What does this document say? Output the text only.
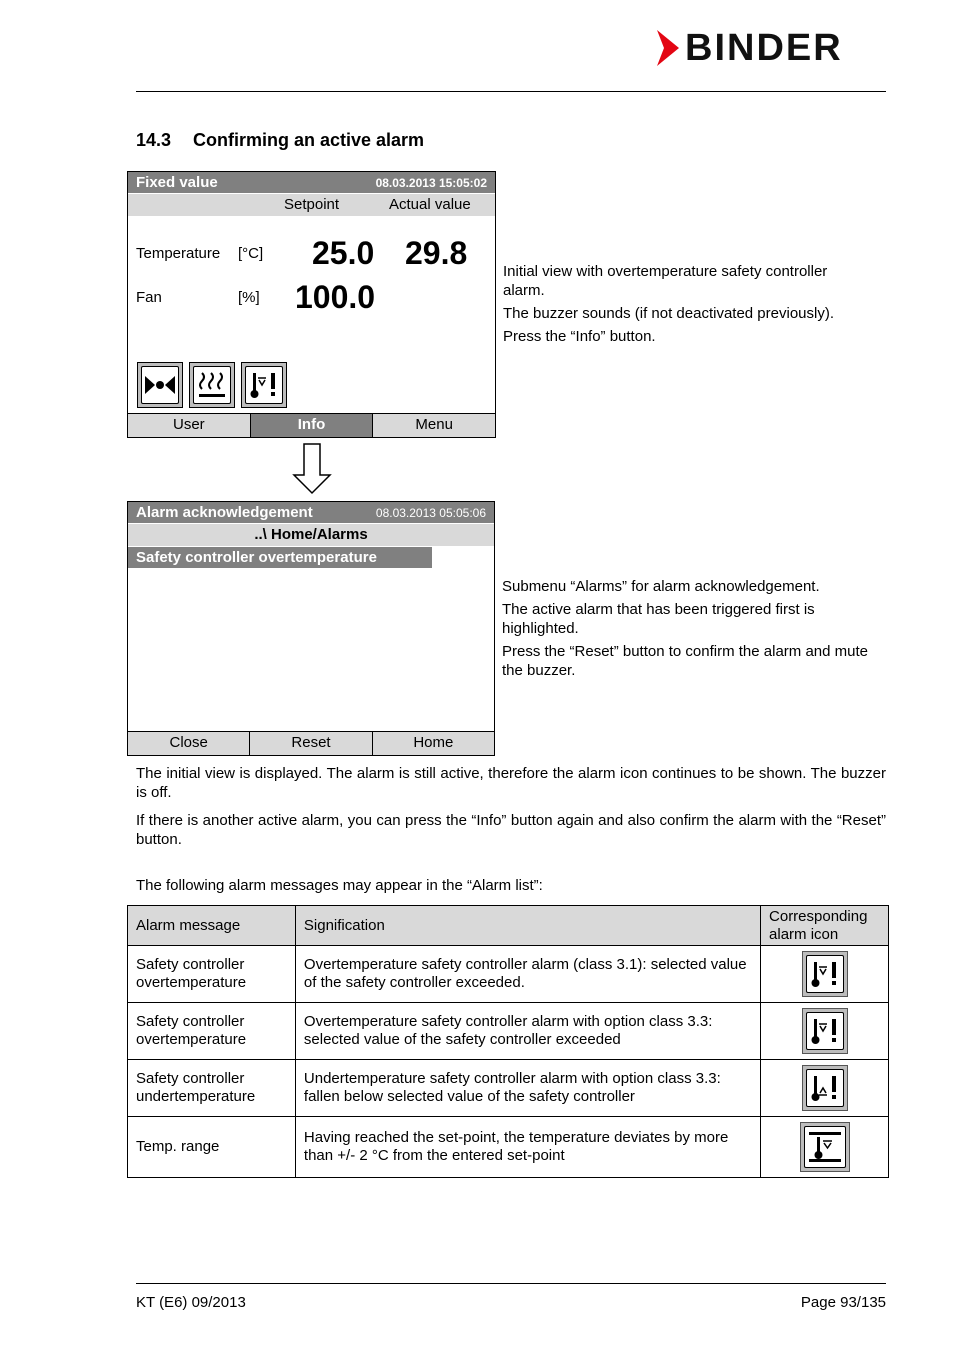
BINDER
14.3 Confirming an active alarm
Fixed value	08.03.2013 15:05:02
Setpoint	Actual value
Temperature [°C] 25.0 29.8
Fan	[%] 100.0
User	Info	Menu

Initial view with overtemperature safety controller alarm.

The buzzer sounds (if not deactivated previously).

Press the “Info” button.

Alarm acknowledgement	08.03.2013 05:05:06
..\ Home/Alarms
Safety controller overtemperature
Close	Reset	Home

Submenu “Alarms” for alarm acknowledgement.

The active alarm that has been triggered first is highlighted.

Press the “Reset” button to confirm the alarm and mute the buzzer.

The initial view is displayed. The alarm is still active, therefore the alarm icon continues to be shown. The buzzer is off.

If there is another active alarm, you can press the “Info” button again and also confirm the alarm with the “Reset” button.

The following alarm messages may appear in the “Alarm list”:

Alarm message	Signification	Corresponding alarm icon
Safety controller overtemperature	Overtemperature safety controller alarm (class 3.1): selected value of the safety controller exceeded.	

Safety controller overtemperature	Overtemperature safety controller alarm with option class 3.3: selected value of the safety controller exceeded	

Safety controller undertemperature	Undertemperature safety controller alarm with option class 3.3: fallen below selected value of the safety controller	

Temp. range	Having reached the set-point, the temperature deviates by more than +/- 2 °C from the entered set-point	
KT (E6) 09/2013	Page 93/135
